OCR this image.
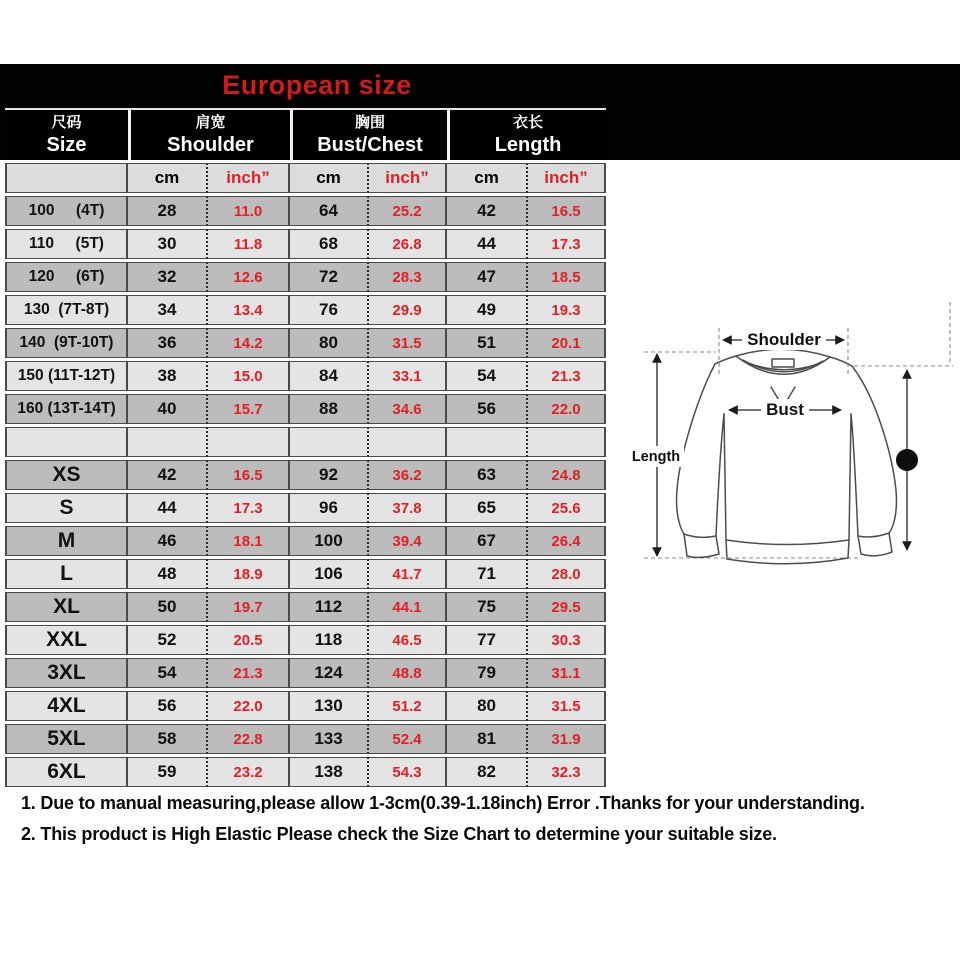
European size
尺码
Size

肩宽
Shoulder

胸围
Bust/Chest

衣长
Length

	cm	inch”	cm	inch”	cm	inch”
100     (4T)	28	11.0	64	25.2	42	16.5
110     (5T)	30	11.8	68	26.8	44	17.3
120     (6T)	32	12.6	72	28.3	47	18.5
130  (7T-8T)	34	13.4	76	29.9	49	19.3
140  (9T-10T)	36	14.2	80	31.5	51	20.1
150 (11T-12T)	38	15.0	84	33.1	54	21.3
160 (13T-14T)	40	15.7	88	34.6	56	22.0

XS	42	16.5	92	36.2	63	24.8
S	44	17.3	96	37.8	65	25.6
M	46	18.1	100	39.4	67	26.4
L	48	18.9	106	41.7	71	28.0
XL	50	19.7	112	44.1	75	29.5
XXL	52	20.5	118	46.5	77	30.3
3XL	54	21.3	124	48.8	79	31.1
4XL	56	22.0	130	51.2	80	31.5
5XL	58	22.8	133	52.4	81	31.9
6XL	59	23.2	138	54.3	82	32.3
Shoulder
Bust
Length	3
1. Due to manual measuring,please allow 1-3cm(0.39-1.18inch) Error .Thanks for your understanding.
2. This product is High Elastic Please check the Size Chart to determine your suitable size.
